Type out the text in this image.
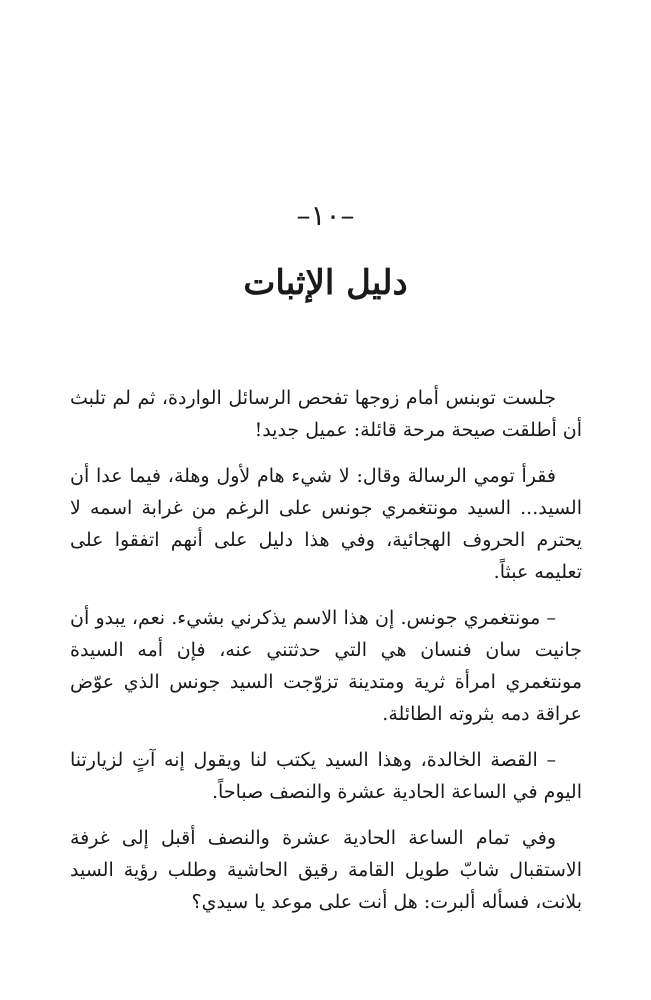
–١٠–
دليل الإثبات

جلست توبنس أمام زوجها تفحص الرسائل الواردة، ثم لم تلبث أن أطلقت صيحة مرحة قائلة: عميل جديد!

فقرأ تومي الرسالة وقال: لا شيء هام لأول وهلة، فيما عدا أن السيد... السيد مونتغمري جونس على الرغم من غرابة اسمه لا يحترم الحروف الهجائية، وفي هذا دليل على أنهم اتفقوا على تعليمه عبثاً.

– مونتغمري جونس. إن هذا الاسم يذكرني بشيء. نعم، يبدو أن جانيت سان فنسان هي التي حدثتني عنه، فإن أمه السيدة مونتغمري امرأة ثرية ومتدينة تزوّجت السيد جونس الذي عوّض عراقة دمه بثروته الطائلة.

– القصة الخالدة، وهذا السيد يكتب لنا ويقول إنه آتٍ لزيارتنا اليوم في الساعة الحادية عشرة والنصف صباحاً.

وفي تمام الساعة الحادية عشرة والنصف أقبل إلى غرفة الاستقبال شابّ طويل القامة رقيق الحاشية وطلب رؤية السيد بلانت، فسأله ألبرت: هل أنت على موعد يا سيدي؟
